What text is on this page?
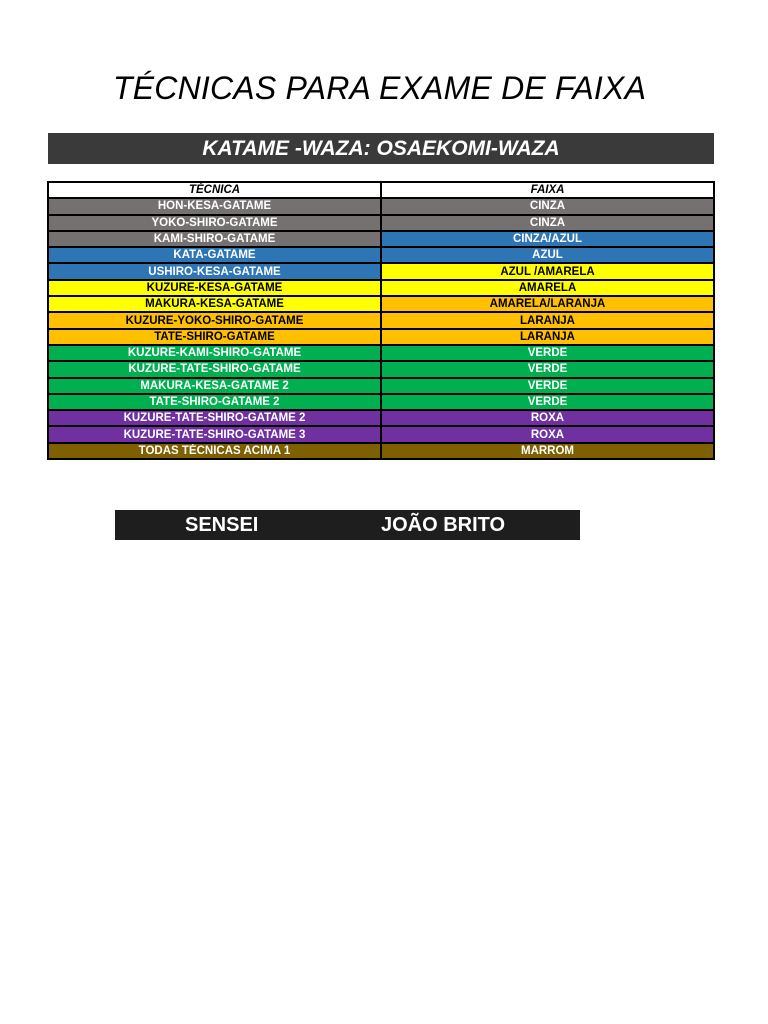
TÉCNICAS PARA EXAME DE FAIXA
KATAME -WAZA: OSAEKOMI-WAZA
TÉCNICA	FAIXA
HON-KESA-GATAME	CINZA
YOKO-SHIRO-GATAME	CINZA
KAMI-SHIRO-GATAME	CINZA/AZUL
KATA-GATAME	AZUL
USHIRO-KESA-GATAME	AZUL /AMARELA
KUZURE-KESA-GATAME	AMARELA
MAKURA-KESA-GATAME	AMARELA/LARANJA
KUZURE-YOKO-SHIRO-GATAME	LARANJA
TATE-SHIRO-GATAME	LARANJA
KUZURE-KAMI-SHIRO-GATAME	VERDE
KUZURE-TATE-SHIRO-GATAME	VERDE
MAKURA-KESA-GATAME 2	VERDE
TATE-SHIRO-GATAME 2	VERDE
KUZURE-TATE-SHIRO-GATAME 2	ROXA
KUZURE-TATE-SHIRO-GATAME 3	ROXA
TODAS TÉCNICAS ACIMA 1	MARROM
SENSEI	JOÃO BRITO
